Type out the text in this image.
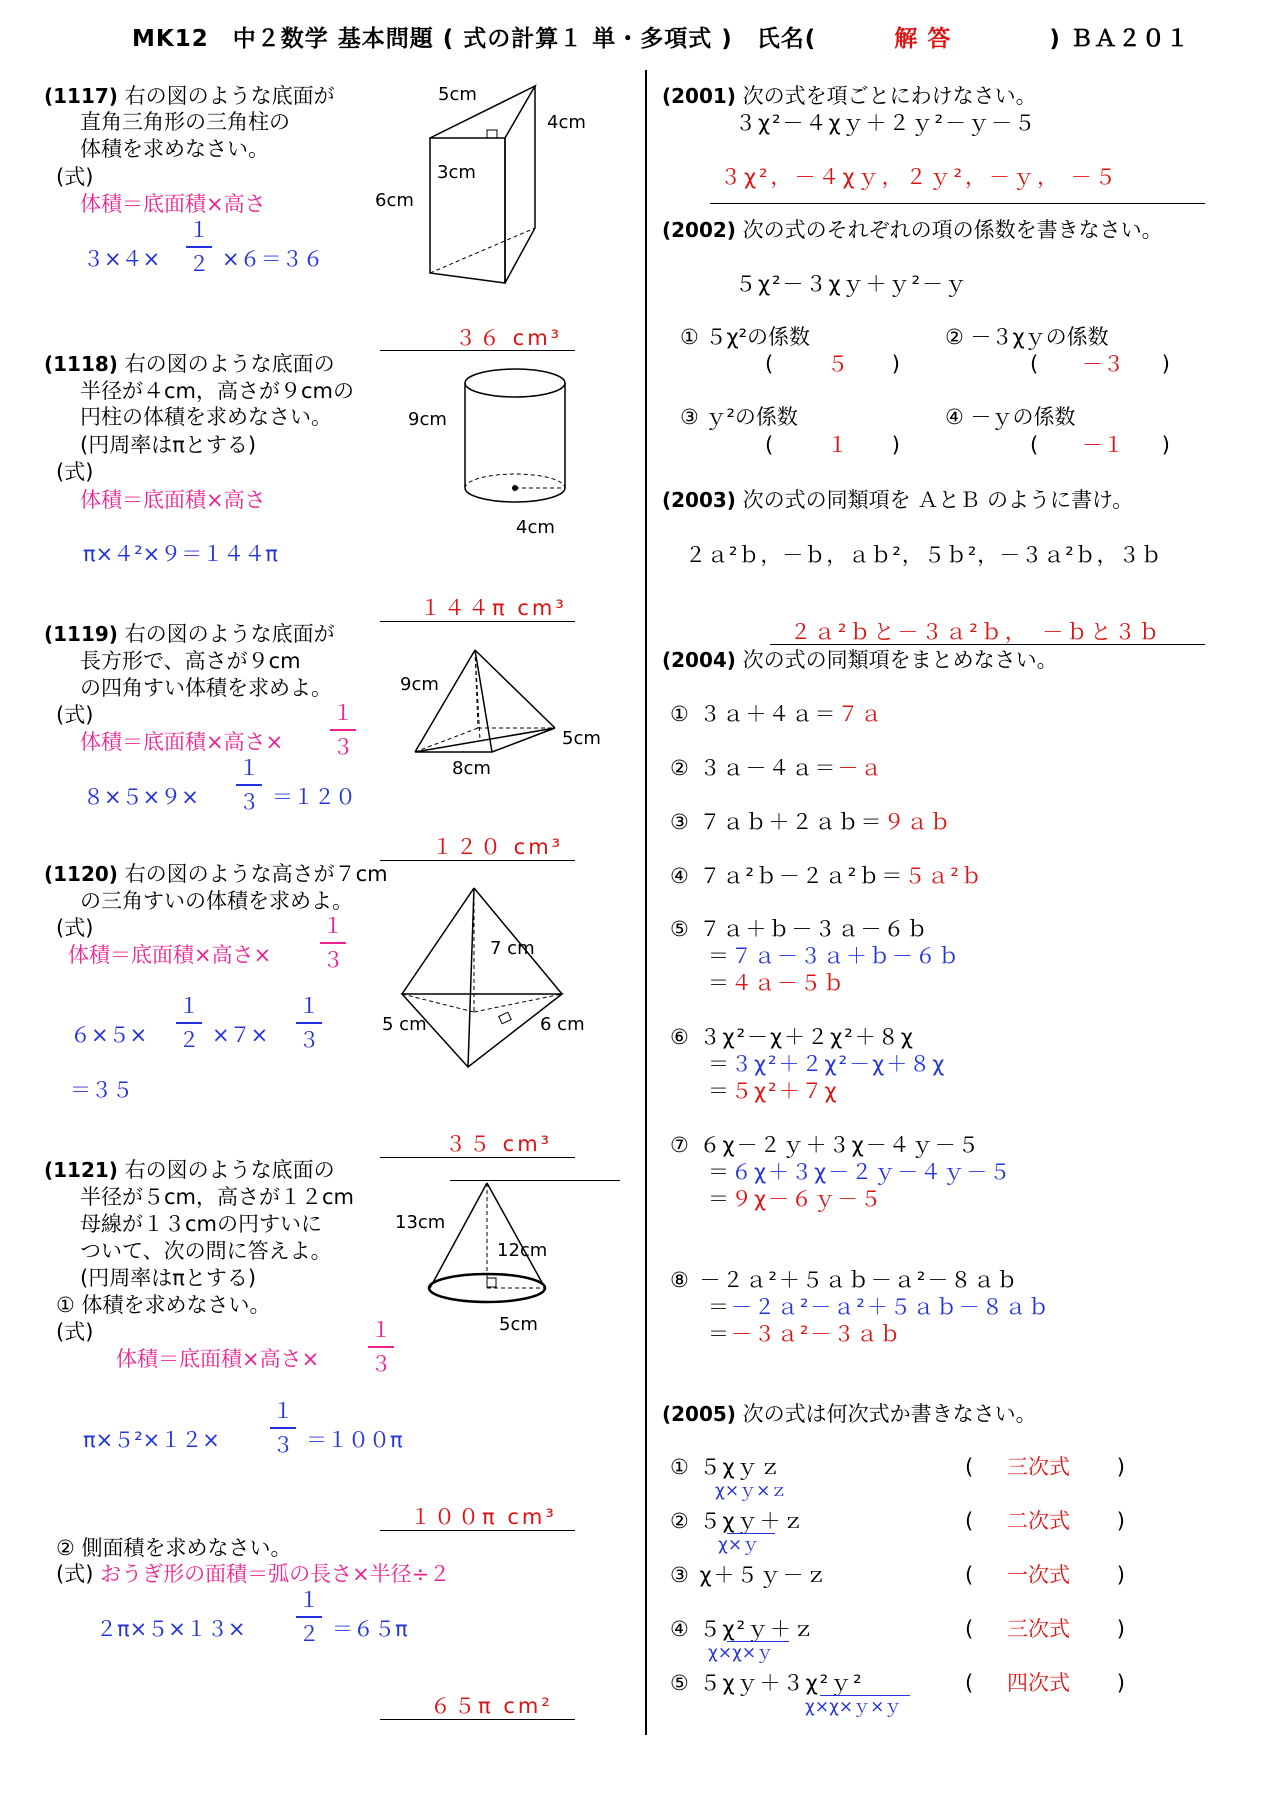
MK12　中２数学 基本問題 ( 式の計算１ 単・多項式 )　氏名(	解 答	) ＢＡ２０１
(1117) 右の図のような底面が
直角三角形の三角柱の
体積を求めなさい。
(式)
体積＝底面積×高さ
３×４×
１
２ ×６＝３６
5cm
4cm
3cm
6cm
３６ cm³
(1118) 右の図のような底面の
半径が４cm，高さが９cmの
円柱の体積を求めなさい。
(円周率はπとする)
(式)
体積＝底面積×高さ
π×４²×９＝１４４π
9cm
4cm
１４４π cm³
(1119) 右の図のような底面が
長方形で、高さが９cm
の四角すい体積を求めよ。
(式)
体積＝底面積×高さ×
１
３
８×５×９×
１
３ ＝１２０
9cm
5cm
8cm
１２０ cm³
(1120) 右の図のような高さが７cm
の三角すいの体積を求めよ。
(式)
体積＝底面積×高さ×
１
３
６×５×
１
２ ×７×
１
３
＝３５
7 cm
5 cm	6 cm
３５ cm³
(1121) 右の図のような底面の
半径が５cm，高さが１２cm
母線が１３cmの円すいに
ついて、次の問に答えよ。
(円周率はπとする)
① 体積を求めなさい。
(式)
体積＝底面積×高さ×
１
３
π×５²×１２×
１
３ ＝１００π
13cm
12cm
5cm
１００π cm³
② 側面積を求めなさい。
(式) おうぎ形の面積＝弧の長さ×半径÷２
２π×５×１３×
１
２ ＝６５π
６５π cm²
(2001) 次の式を項ごとにわけなさい。
３χ²－４χｙ＋２ｙ²－ｙ－５
３χ²，－４χｙ，２ｙ²，－ｙ， －５
(2002) 次の式のそれぞれの項の係数を書きなさい。
５χ²－３χｙ＋ｙ²－ｙ
① ５χ²の係数
(	５ )
② －３χｙの係数
( －３ )
③ ｙ²の係数
(	１ )
④ －ｙの係数
( －１ )
(2003) 次の式の同類項を ＡとＢ のように書け。
２ａ²ｂ，－ｂ，ａｂ²，５ｂ²，－３ａ²ｂ，３ｂ
２ａ²ｂと－３ａ²ｂ，　－ｂと３ｂ
(2004) 次の式の同類項をまとめなさい。
① ３ａ＋４ａ＝７ａ
② ３ａ－４ａ＝－ａ
③ ７ａｂ＋２ａｂ＝９ａｂ
④ ７ａ²ｂ－２ａ²ｂ＝５ａ²ｂ
⑤ ７ａ＋ｂ－３ａ－６ｂ
＝７ａ－３ａ＋ｂ－６ｂ
＝４ａ－５ｂ
⑥ ３χ²－χ＋２χ²＋８χ
＝３χ²＋２χ²－χ＋８χ
＝５χ²＋７χ
⑦ ６χ－２ｙ＋３χ－４ｙ－５
＝６χ＋３χ－２ｙ－４ｙ－５
＝９χ－６ｙ－５
⑧ －２ａ²＋５ａｂ－ａ²－８ａｂ
＝－２ａ²－ａ²＋５ａｂ－８ａｂ
＝－３ａ²－３ａｂ
(2005) 次の式は何次式か書きなさい。
① ５χｙｚ
χ×ｙ×ｚ
( 三次式 )
② ５χｙ＋ｚ
χ×ｙ
( 二次式 )
③ χ＋５ｙ－ｚ	( 一次式 )
④ ５χ²ｙ＋ｚ
χ×χ×ｙ
( 三次式 )
⑤ ５χｙ＋３χ²ｙ²
χ×χ×ｙ×ｙ
( 四次式 )
